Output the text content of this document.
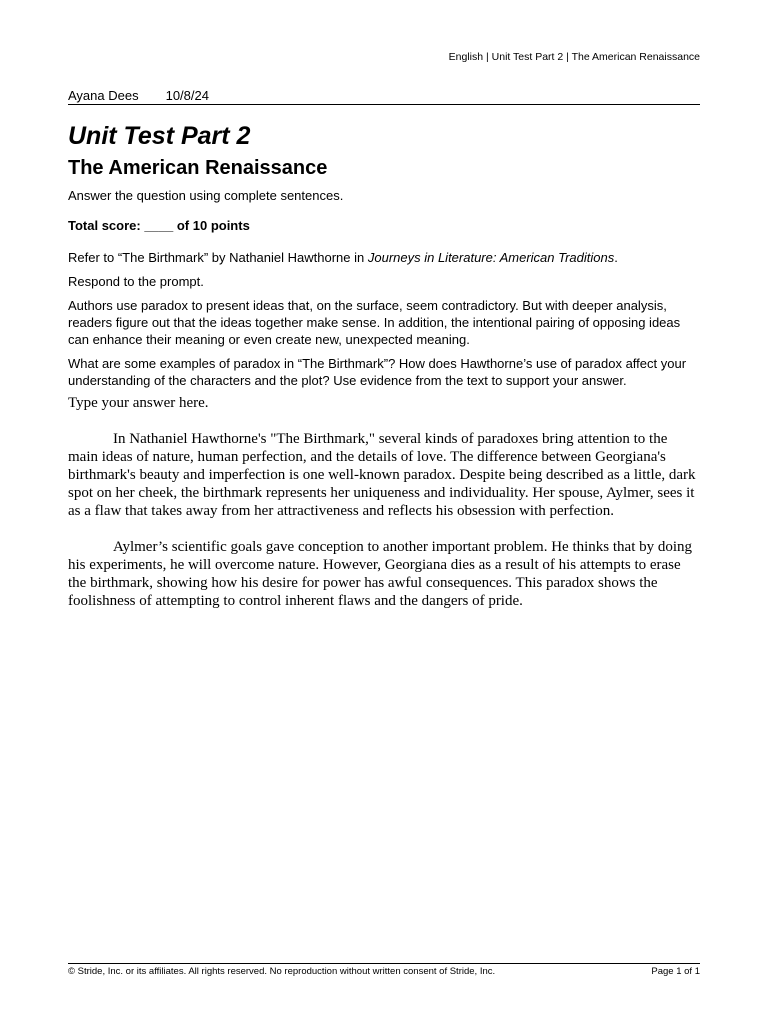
English | Unit Test Part 2 | The American Renaissance
Ayana Dees 10/8/24
Unit Test Part 2
The American Renaissance

Answer the question using complete sentences.

Total score: ____ of 10 points

Refer to “The Birthmark” by Nathaniel Hawthorne in Journeys in Literature: American Traditions.

Respond to the prompt.

Authors use paradox to present ideas that, on the surface, seem contradictory. But with deeper analysis, readers figure out that the ideas together make sense. In addition, the intentional pairing of opposing ideas can enhance their meaning or even create new, unexpected meaning.

What are some examples of paradox in “The Birthmark”? How does Hawthorne’s use of paradox affect your understanding of the characters and the plot? Use evidence from the text to support your answer.

Type your answer here.

In Nathaniel Hawthorne's "The Birthmark," several kinds of paradoxes bring attention to the main ideas of nature, human perfection, and the details of love. The difference between Georgiana's birthmark's beauty and imperfection is one well-known paradox. Despite being described as a little, dark spot on her cheek, the birthmark represents her uniqueness and individuality. Her spouse, Aylmer, sees it as a flaw that takes away from her attractiveness and reflects his obsession with perfection.

Aylmer’s scientific goals gave conception to another important problem. He thinks that by doing his experiments, he will overcome nature. However, Georgiana dies as a result of his attempts to erase the birthmark, showing how his desire for power has awful consequences. This paradox shows the foolishness of attempting to control inherent flaws and the dangers of pride.

© Stride, Inc. or its affiliates. All rights reserved. No reproduction without written consent of Stride, Inc.	Page 1 of 1
